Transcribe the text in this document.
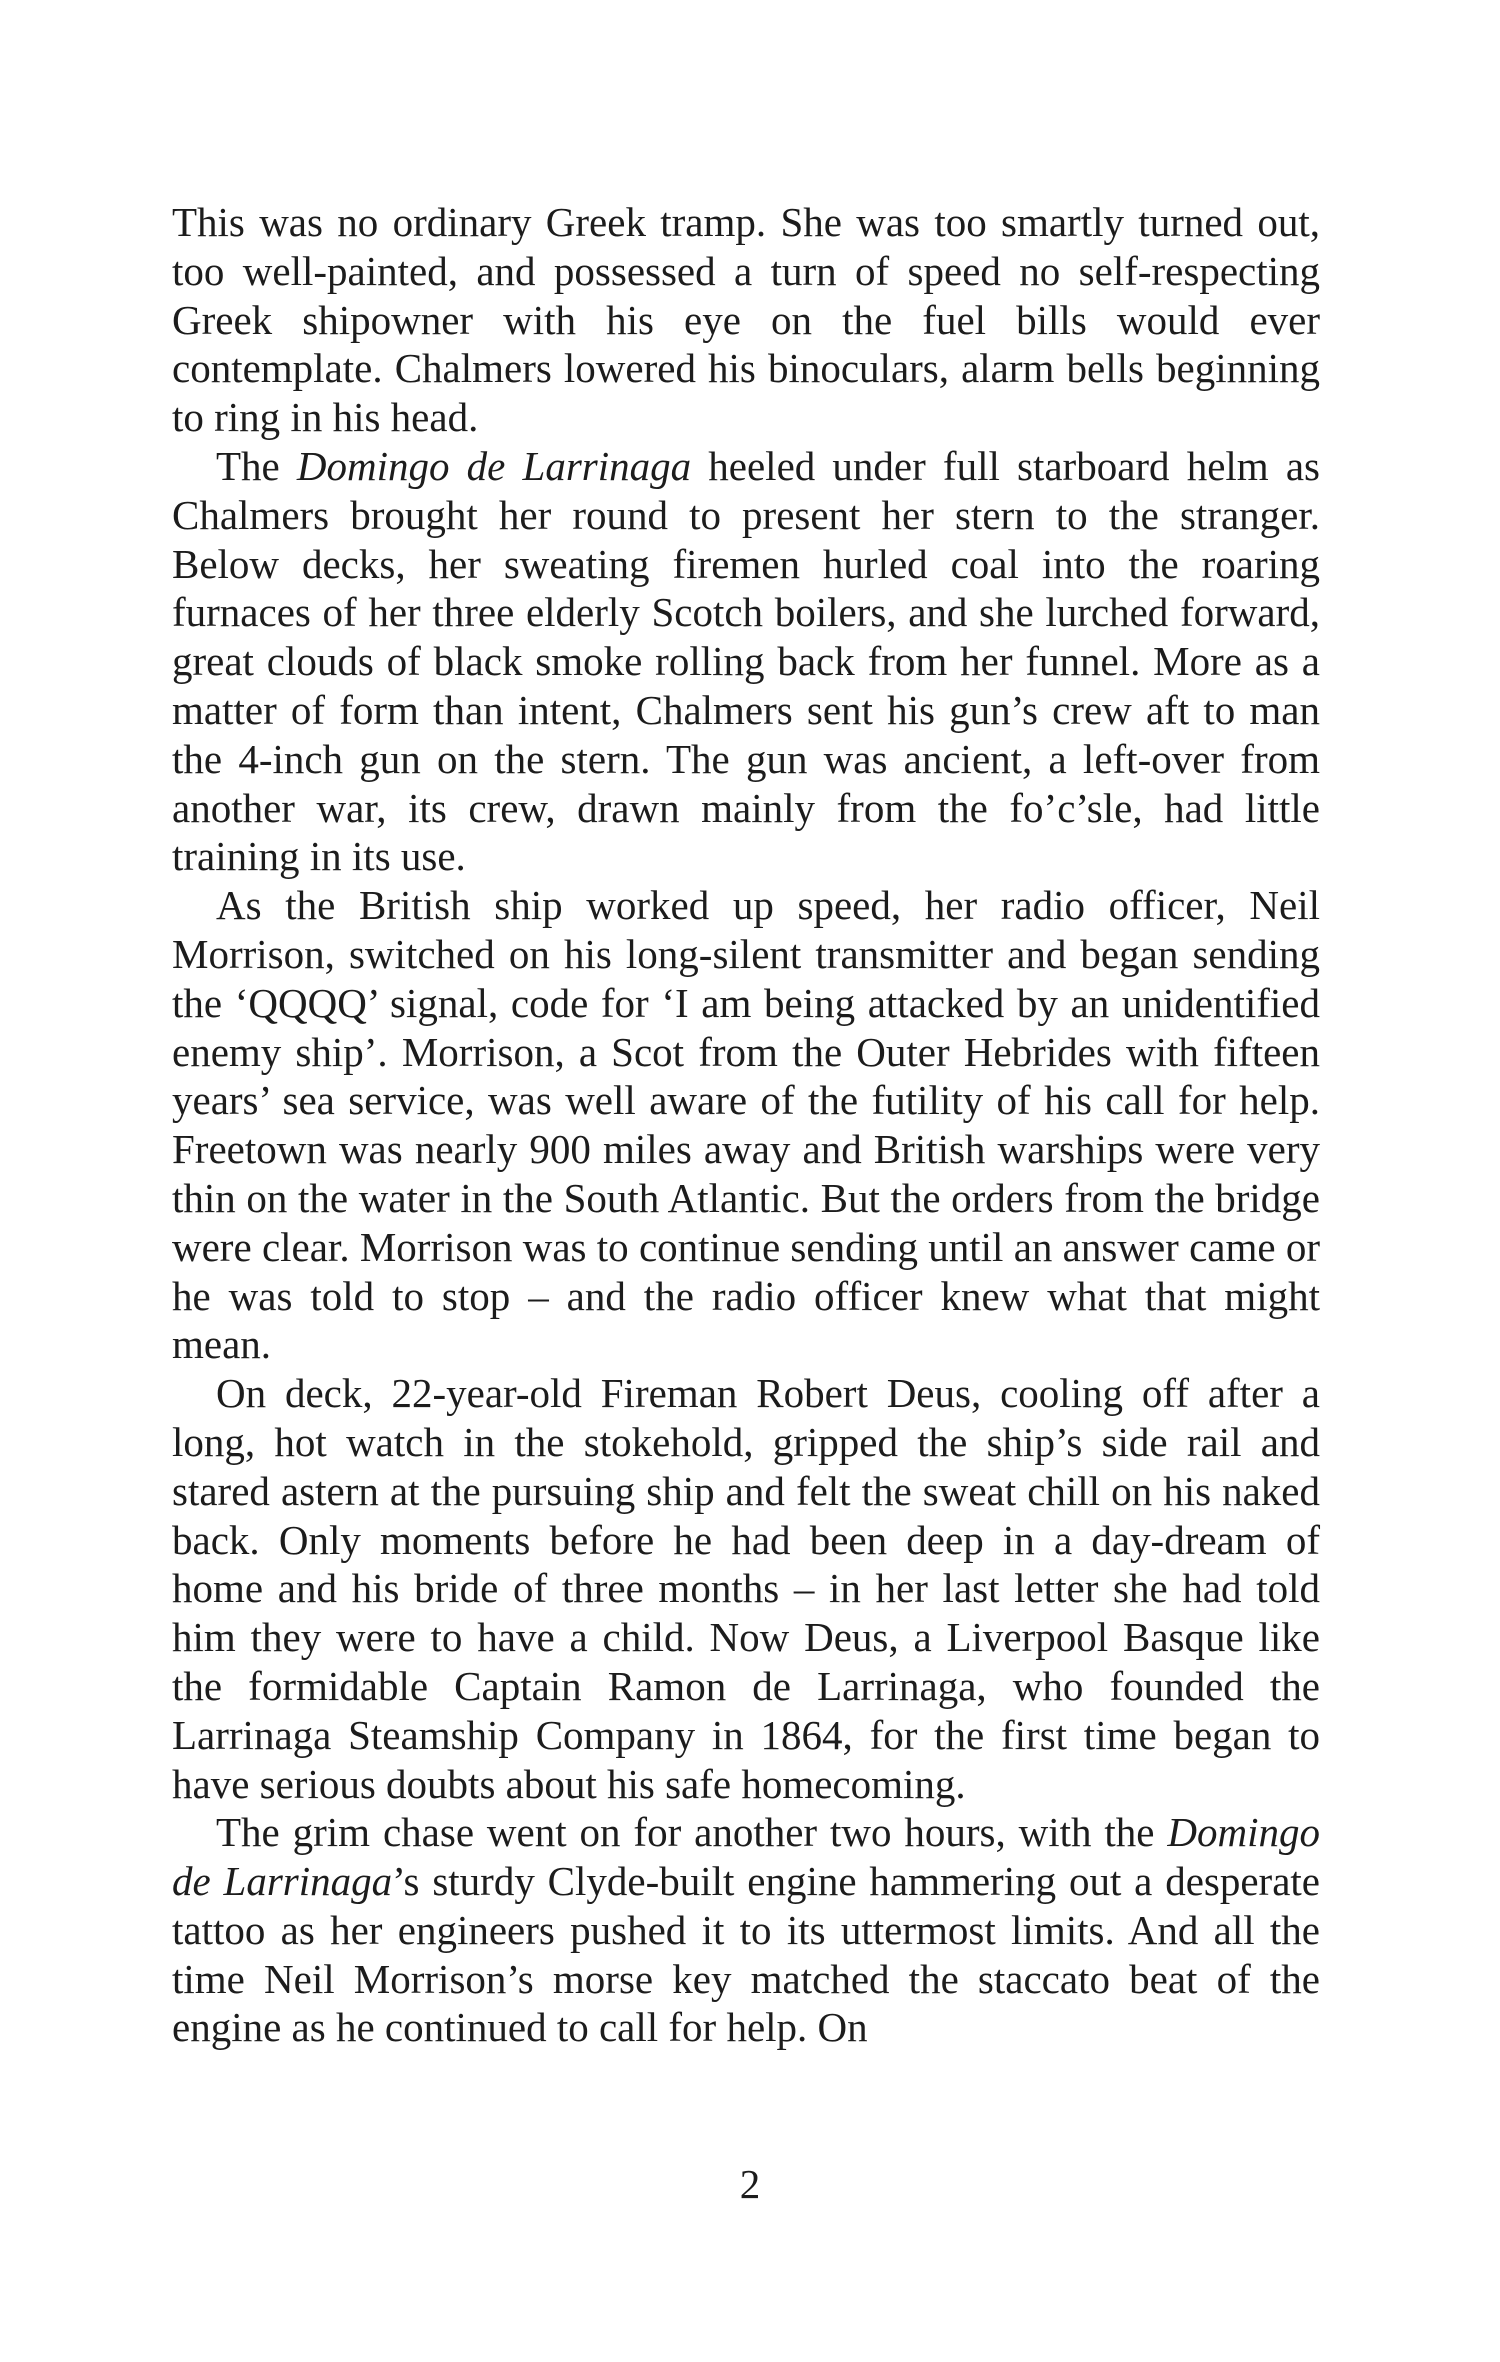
This was no ordinary Greek tramp. She was too smartly turned out, too well-painted, and possessed a turn of speed no self-respecting Greek shipowner with his eye on the fuel bills would ever contemplate. Chalmers lowered his binoculars, alarm bells beginning to ring in his head.

The Domingo de Larrinaga heeled under full starboard helm as Chalmers brought her round to present her stern to the stranger. Below decks, her sweating firemen hurled coal into the roaring furnaces of her three elderly Scotch boilers, and she lurched forward, great clouds of black smoke rolling back from her funnel. More as a matter of form than intent, Chalmers sent his gun’s crew aft to man the 4-inch gun on the stern. The gun was ancient, a left-over from another war, its crew, drawn mainly from the fo’c’sle, had little training in its use.

As the British ship worked up speed, her radio officer, Neil Morrison, switched on his long-silent transmitter and began sending the ‘QQQQ’ signal, code for ‘I am being attacked by an unidentified enemy ship’. Morrison, a Scot from the Outer Hebrides with fifteen years’ sea service, was well aware of the futility of his call for help. Freetown was nearly 900 miles away and British warships were very thin on the water in the South Atlantic. But the orders from the bridge were clear. Morrison was to continue sending until an answer came or he was told to stop – and the radio officer knew what that might mean.

On deck, 22-year-old Fireman Robert Deus, cooling off after a long, hot watch in the stokehold, gripped the ship’s side rail and stared astern at the pursuing ship and felt the sweat chill on his naked back. Only moments before he had been deep in a day-dream of home and his bride of three months – in her last letter she had told him they were to have a child. Now Deus, a Liverpool Basque like the formidable Captain Ramon de Larrinaga, who founded the Larrinaga Steamship Company in 1864, for the first time began to have serious doubts about his safe homecoming.

The grim chase went on for another two hours, with the Domingo de Larrinaga’s sturdy Clyde-built engine hammering out a desperate tattoo as her engineers pushed it to its uttermost limits. And all the time Neil Morrison’s morse key matched the staccato beat of the engine as he continued to call for help. On

2
